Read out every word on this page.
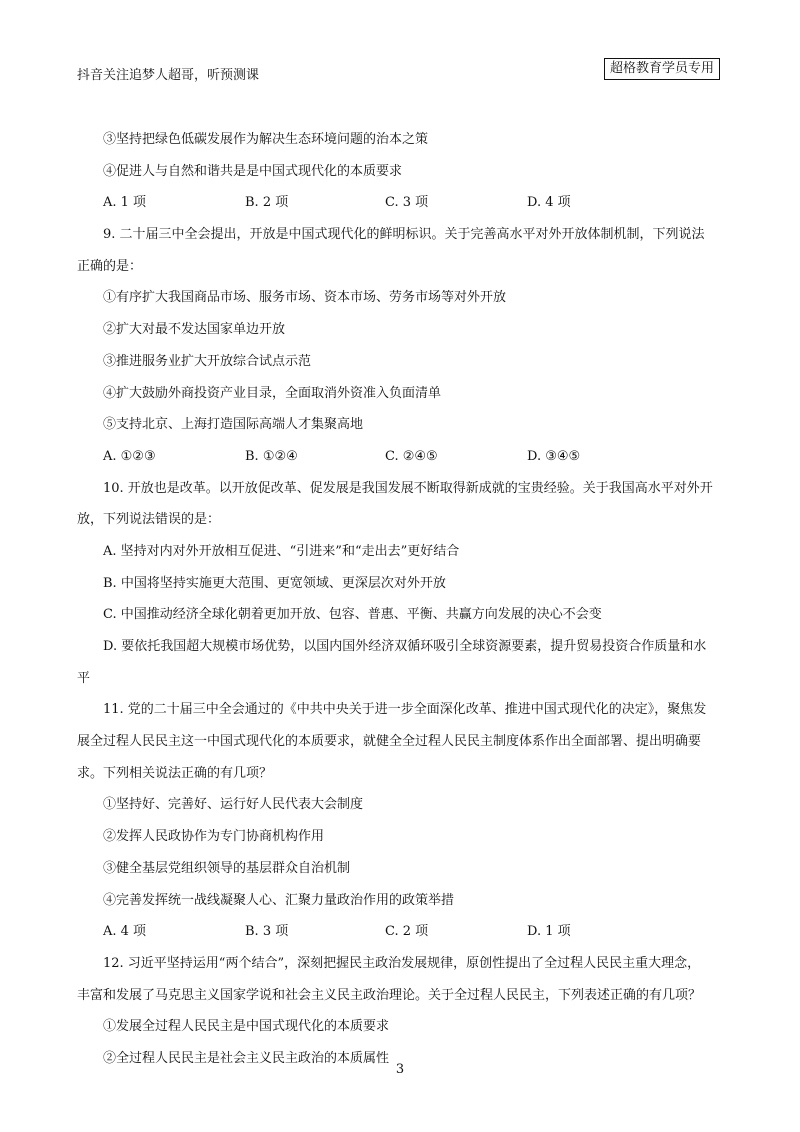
抖音关注追梦人超哥，听预测课	超格教育学员专用
③坚持把绿色低碳发展作为解决生态环境问题的治本之策
④促进人与自然和谐共是是中国式现代化的本质要求
A. 1 项	B. 2 项	C. 3 项	D. 4 项
9. 二十届三中全会提出，开放是中国式现代化的鲜明标识。关于完善高水平对外开放体制机制，下列说法
正确的是：
①有序扩大我国商品市场、服务市场、资本市场、劳务市场等对外开放
②扩大对最不发达国家单边开放
③推进服务业扩大开放综合试点示范
④扩大鼓励外商投资产业目录，全面取消外资准入负面清单
⑤支持北京、上海打造国际高端人才集聚高地
A. ①②③	B. ①②④	C. ②④⑤	D. ③④⑤
10. 开放也是改革。以开放促改革、促发展是我国发展不断取得新成就的宝贵经验。关于我国高水平对外开
放，下列说法错误的是：
A. 坚持对内对外开放相互促进、“引进来”和“走出去”更好结合
B. 中国将坚持实施更大范围、更宽领域、更深层次对外开放
C. 中国推动经济全球化朝着更加开放、包容、普惠、平衡、共赢方向发展的决心不会变
D. 要依托我国超大规模市场优势，以国内国外经济双循环吸引全球资源要素，提升贸易投资合作质量和水
平
11. 党的二十届三中全会通过的《中共中央关于进一步全面深化改革、推进中国式现代化的决定》，聚焦发
展全过程人民民主这一中国式现代化的本质要求，就健全全过程人民民主制度体系作出全面部署、提出明确要
求。下列相关说法正确的有几项？
①坚持好、完善好、运行好人民代表大会制度
②发挥人民政协作为专门协商机构作用
③健全基层党组织领导的基层群众自治机制
④完善发挥统一战线凝聚人心、汇聚力量政治作用的政策举措
A. 4 项	B. 3 项	C. 2 项	D. 1 项
12. 习近平坚持运用“两个结合”，深刻把握民主政治发展规律，原创性提出了全过程人民民主重大理念，
丰富和发展了马克思主义国家学说和社会主义民主政治理论。关于全过程人民民主，下列表述正确的有几项？
①发展全过程人民民主是中国式现代化的本质要求
②全过程人民民主是社会主义民主政治的本质属性
3
